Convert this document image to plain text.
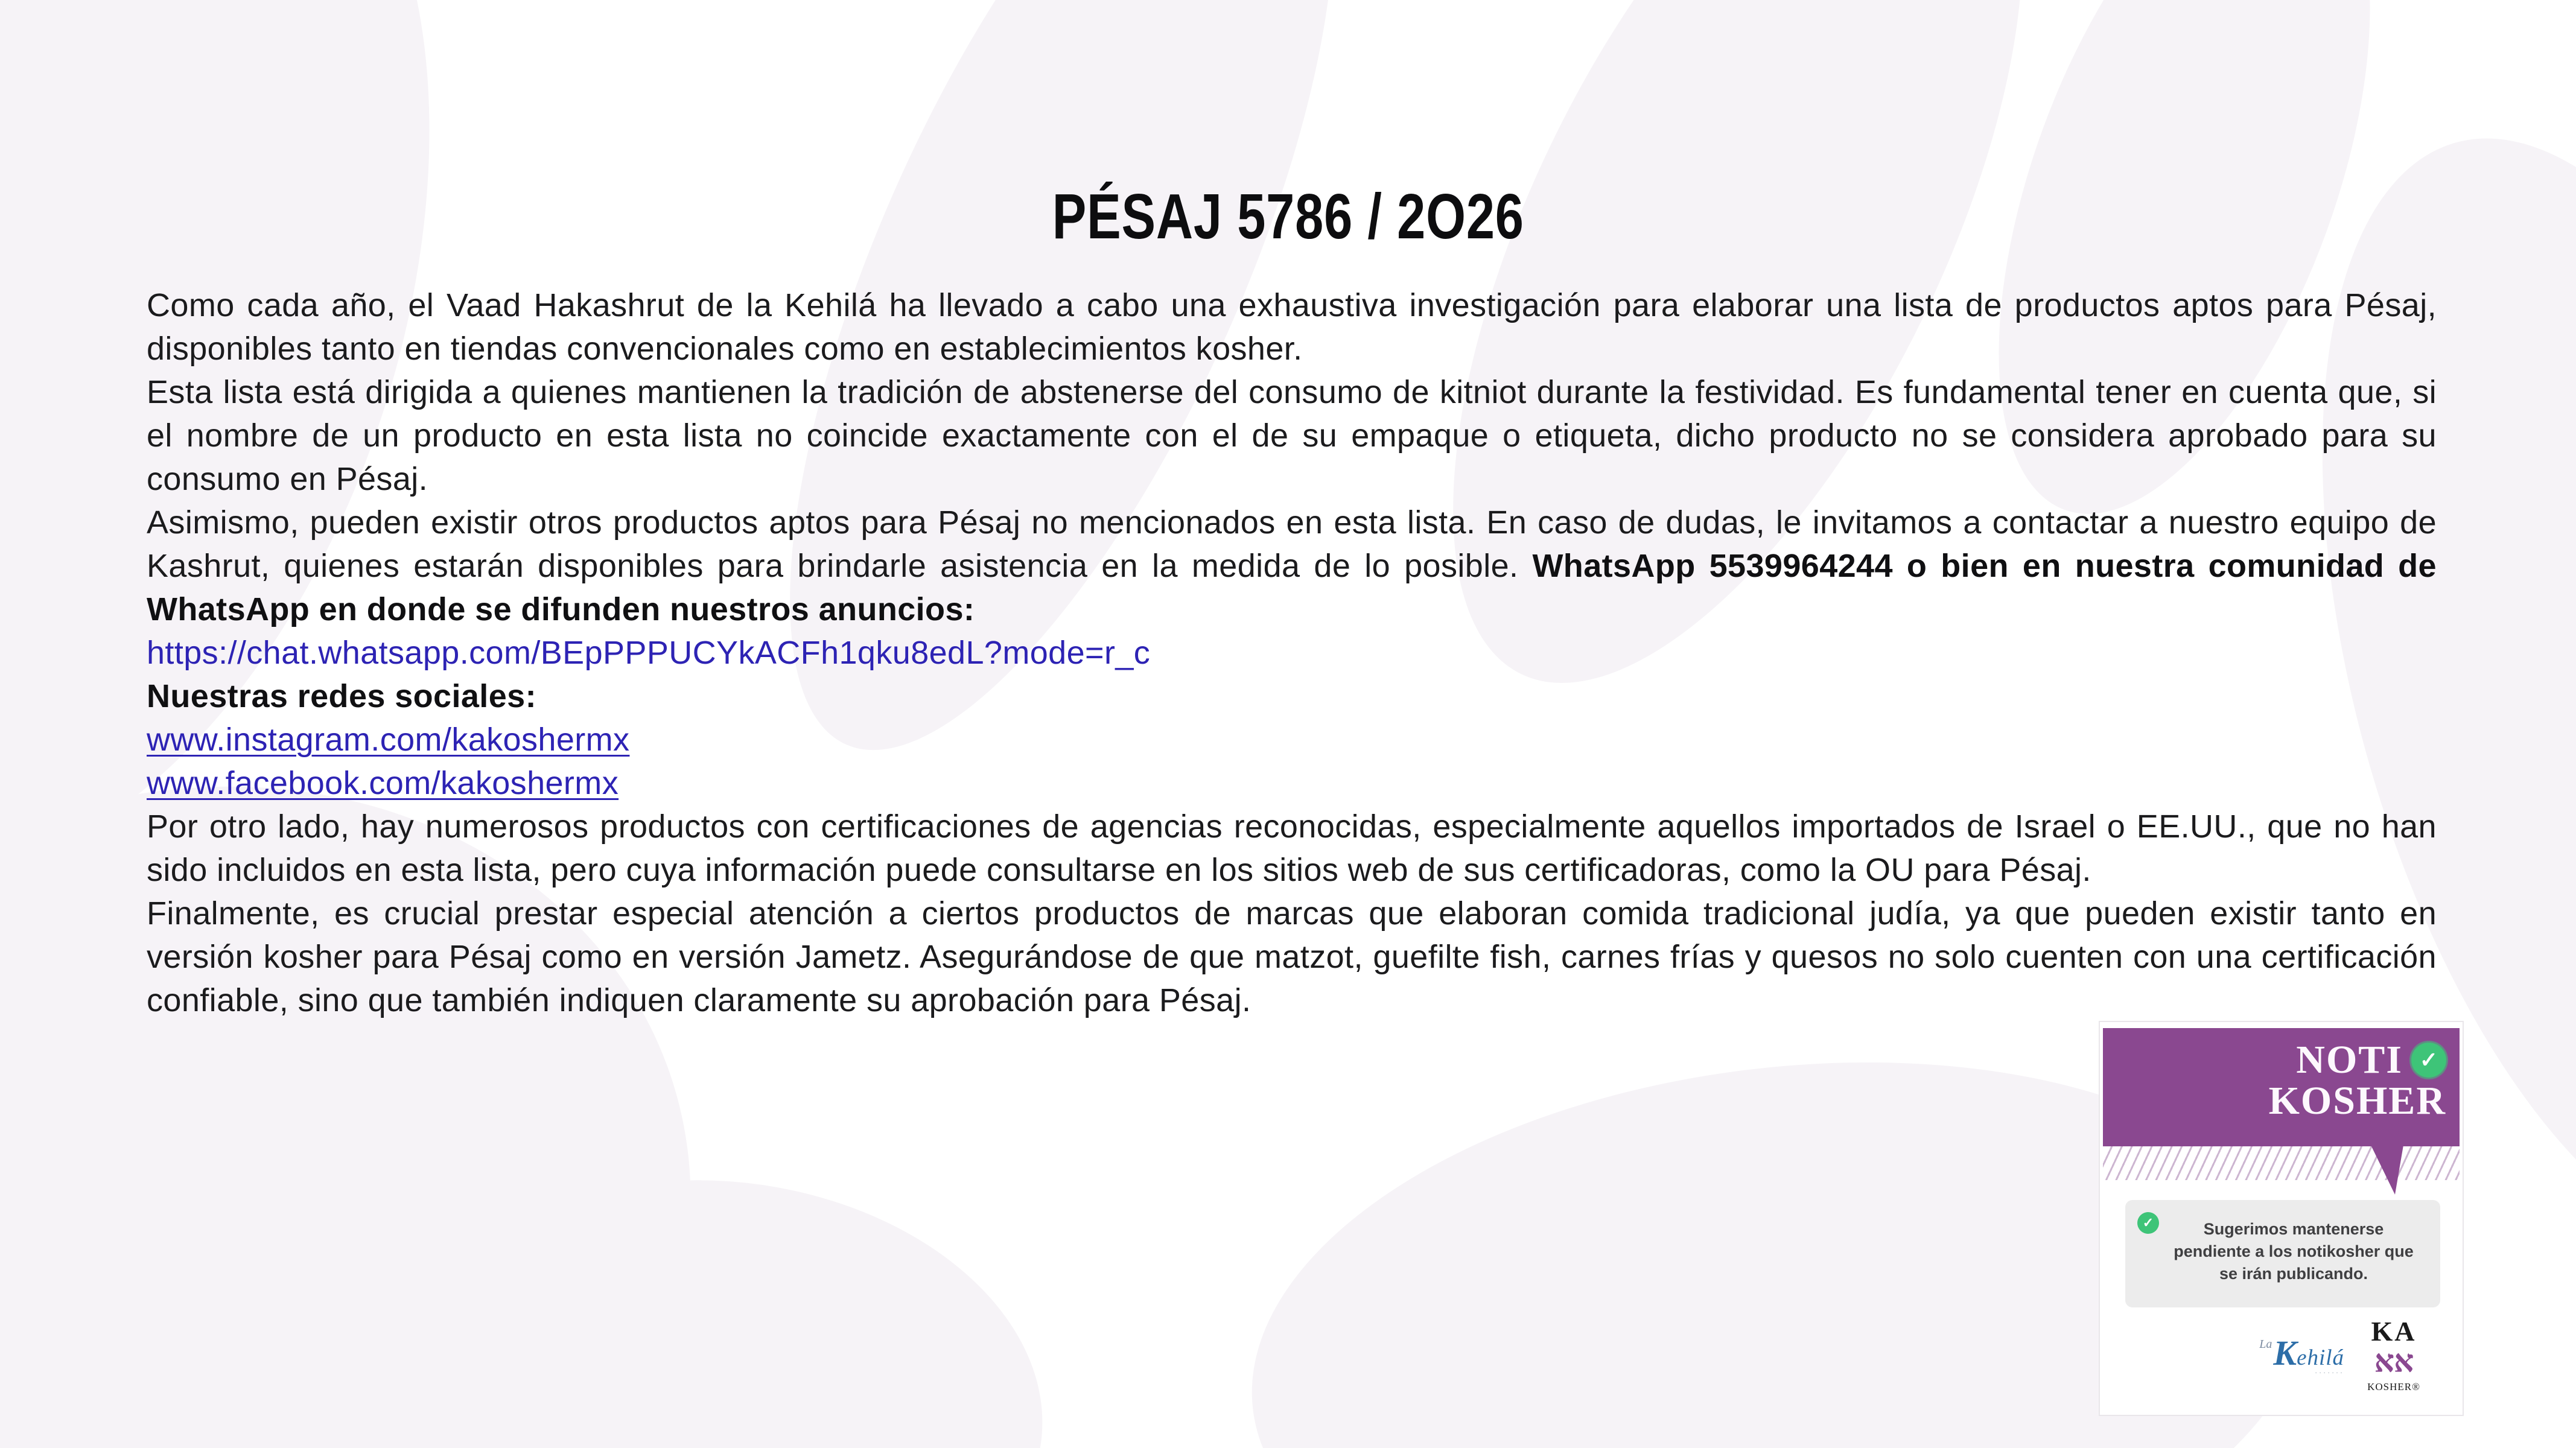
PÉSAJ 5786 / 2O26

Como cada año, el Vaad Hakashrut de la Kehilá ha llevado a cabo una exhaustiva investigación para elaborar una lista de productos aptos para Pésaj, disponibles tanto en tiendas convencionales como en establecimientos kosher.

Esta lista está dirigida a quienes mantienen la tradición de abstenerse del consumo de kitniot durante la festividad. Es fundamental tener en cuenta que, si el nombre de un producto en esta lista no coincide exactamente con el de su empaque o etiqueta, dicho producto no se considera aprobado para su consumo en Pésaj.

Asimismo, pueden existir otros productos aptos para Pésaj no mencionados en esta lista. En caso de dudas, le invitamos a contactar a nuestro equipo de Kashrut, quienes estarán disponibles para brindarle asistencia en la medida de lo posible. WhatsApp 5539964244 o bien en nuestra comunidad de WhatsApp en donde se difunden nuestros anuncios:

https://chat.whatsapp.com/BEpPPPUCYkACFh1qku8edL?mode=r_c

Nuestras redes sociales:

www.instagram.com/kakoshermx

www.facebook.com/kakoshermx

Por otro lado, hay numerosos productos con certificaciones de agencias reconocidas, especialmente aquellos importados de Israel o EE.UU., que no han sido incluidos en esta lista, pero cuya información puede consultarse en los sitios web de sus certificadoras, como la OU para Pésaj.

Finalmente, es crucial prestar especial atención a ciertos productos de marcas que elaboran comida tradicional judía, ya que pueden existir tanto en versión kosher para Pésaj como en versión Jametz. Asegurándose de que matzot, guefilte fish, carnes frías y quesos no solo cuenten con una certificación confiable, sino que también indiquen claramente su aprobación para Pésaj.

NOTI ✓
KOSHER
✓	Sugerimos mantenerse pendiente a los notikosher que se irán publicando.
LaKehilá
·······
KA
אא
KOSHER®
